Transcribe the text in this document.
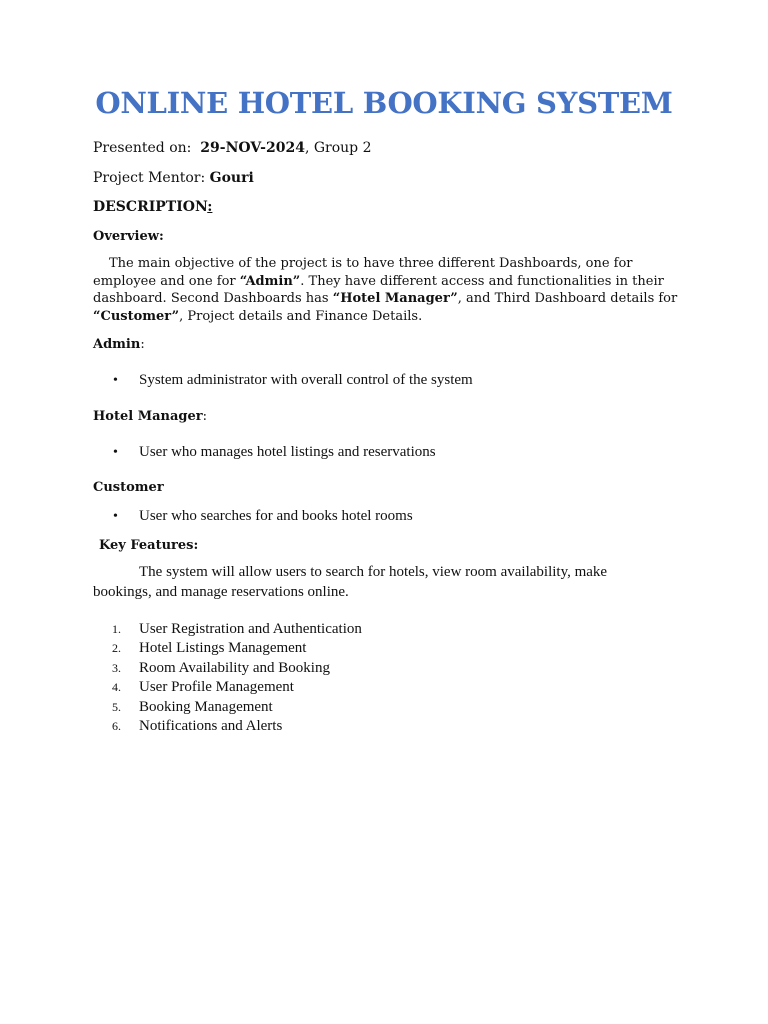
ONLINE HOTEL BOOKING SYSTEM
Presented on: 29-NOV-2024, Group 2
Project Mentor: Gouri
DESCRIPTION:
Overview:
The main objective of the project is to have three different Dashboards, one for employee and one for “Admin”. They have different access and functionalities in their dashboard. Second Dashboards has “Hotel Manager”, and Third Dashboard details for “Customer”, Project details and Finance Details.
Admin:
• System administrator with overall control of the system
Hotel Manager:
• User who manages hotel listings and reservations
Customer
• User who searches for and books hotel rooms
Key Features:
The system will allow users to search for hotels, view room availability, make bookings, and manage reservations online.
1. User Registration and Authentication
2. Hotel Listings Management
3. Room Availability and Booking
4. User Profile Management
5. Booking Management
6. Notifications and Alerts
